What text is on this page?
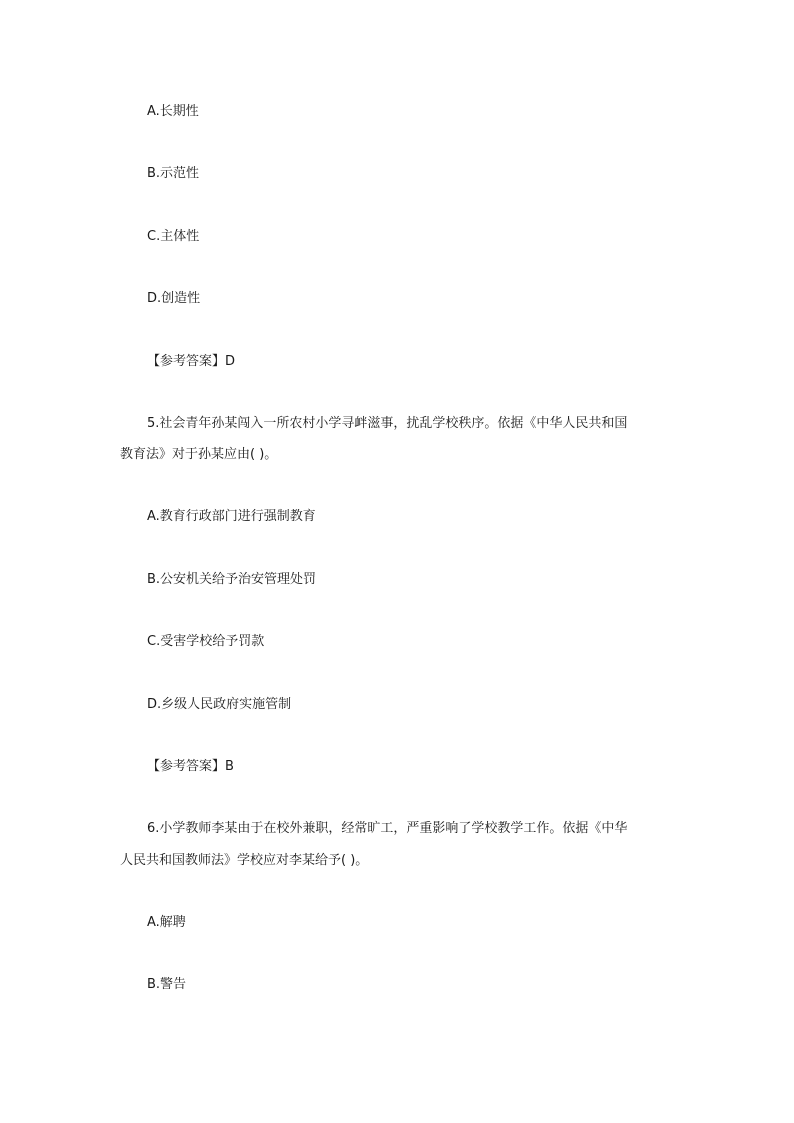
A.长期性
B.示范性
C.主体性
D.创造性
【参考答案】D
5.社会青年孙某闯入一所农村小学寻衅滋事，扰乱学校秩序。依据《中华人民共和国
教育法》对于孙某应由( )。
A.教育行政部门进行强制教育
B.公安机关给予治安管理处罚
C.受害学校给予罚款
D.乡级人民政府实施管制
【参考答案】B
6.小学教师李某由于在校外兼职，经常旷工，严重影响了学校教学工作。依据《中华
人民共和国教师法》学校应对李某给予( )。
A.解聘
B.警告
